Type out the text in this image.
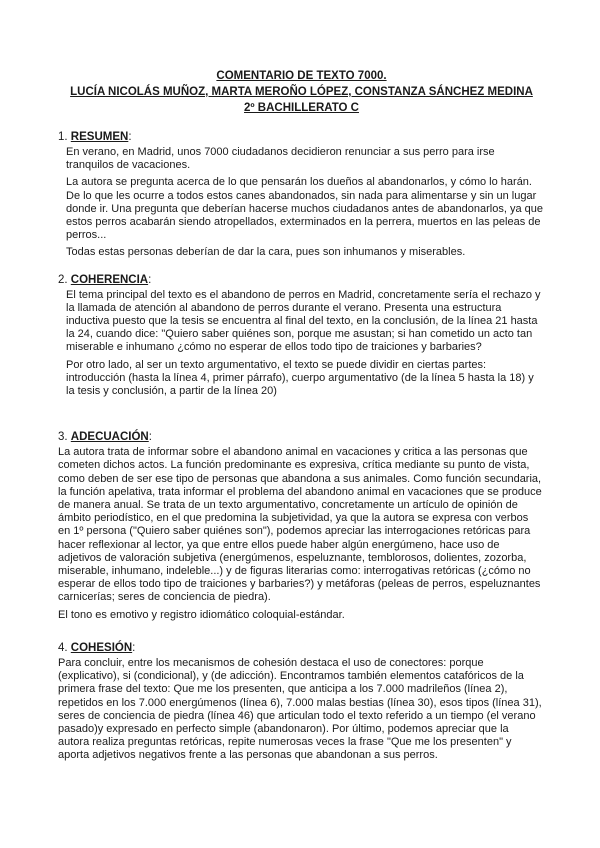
COMENTARIO DE TEXTO 7000.
LUCÍA NICOLÁS MUÑOZ, MARTA MEROÑO LÓPEZ, CONSTANZA SÁNCHEZ MEDINA
2º BACHILLERATO C
1. RESUMEN:

En verano, en Madrid, unos 7000 ciudadanos decidieron renunciar a sus perro para irse tranquilos de vacaciones.

La autora se pregunta acerca de lo que pensarán los dueños al abandonarlos, y cómo lo harán. De lo que les ocurre a todos estos canes abandonados, sin nada para alimentarse y sin un lugar donde ir. Una pregunta que deberían hacerse muchos ciudadanos antes de abandonarlos, ya que estos perros acabarán siendo atropellados, exterminados en la perrera, muertos en las peleas de perros...

Todas estas personas deberían de dar la cara, pues son inhumanos y miserables.

2. COHERENCIA:

El tema principal del texto es el abandono de perros en Madrid, concretamente sería el rechazo y la llamada de atención al abandono de perros durante el verano. Presenta una estructura inductiva puesto que la tesis se encuentra al final del texto, en la conclusión, de la línea 21 hasta la 24, cuando dice: "Quiero saber quiénes son, porque me asustan; si han cometido un acto tan miserable e inhumano ¿cómo no esperar de ellos todo tipo de traiciones y barbaries?

Por otro lado, al ser un texto argumentativo, el texto se puede dividir en ciertas partes: introducción (hasta la línea 4, primer párrafo), cuerpo argumentativo (de la línea 5 hasta la 18) y la tesis y conclusión, a partir de la línea 20)

3. ADECUACIÓN:

La autora trata de informar sobre el abandono animal en vacaciones y critica a las personas que cometen dichos actos. La función predominante es expresiva, crítica mediante su punto de vista, como deben de ser ese tipo de personas que abandona a sus animales. Como función secundaria, la función apelativa, trata informar el problema del abandono animal en vacaciones que se produce de manera anual. Se trata de un texto argumentativo, concretamente un artículo de opinión de ámbito periodístico, en el que predomina la subjetividad, ya que la autora se expresa con verbos en 1º persona ("Quiero saber quiénes son"), podemos apreciar las interrogaciones retóricas para hacer reflexionar al lector, ya que entre ellos puede haber algún energúmeno, hace uso de adjetivos de valoración subjetiva (energúmenos, espeluznante, temblorosos, dolientes, zozorba, miserable, inhumano, indeleble...) y de figuras literarias como: interrogativas retóricas (¿cómo no esperar de ellos todo tipo de traiciones y barbaries?) y metáforas (peleas de perros, espeluznantes carnicerías; seres de conciencia de piedra).

El tono es emotivo y registro idiomático coloquial-estándar.

4. COHESIÓN:

Para concluir, entre los mecanismos de cohesión destaca el uso de conectores: porque (explicativo), si (condicional), y (de adicción). Encontramos también elementos catafóricos de la primera frase del texto: Que me los presenten, que anticipa a los 7.000 madrileños (línea 2), repetidos en los 7.000 energúmenos (línea 6), 7.000 malas bestias (línea 30), esos tipos (línea 31), seres de conciencia de piedra (línea 46) que articulan todo el texto referido a un tiempo (el verano pasado)y expresado en perfecto simple (abandonaron). Por último, podemos apreciar que la autora realiza preguntas retóricas, repite numerosas veces la frase "Que me los presenten" y aporta adjetivos negativos frente a las personas que abandonan a sus perros.
